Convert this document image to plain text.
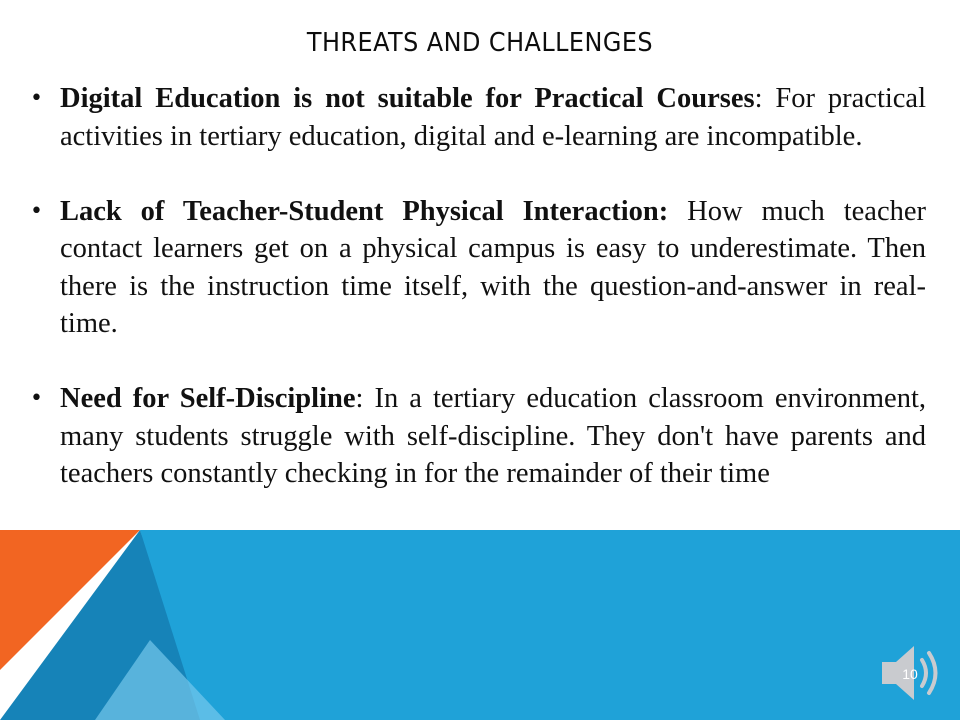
THREATS AND CHALLENGES
• Digital Education is not suitable for Practical Courses: For practical activities in tertiary education, digital and e-learning are incompatible.
• Lack of Teacher-Student Physical Interaction: How much teacher contact learners get on a physical campus is easy to underestimate. Then there is the instruction time itself, with the question-and-answer in real-time.
• Need for Self-Discipline: In a tertiary education classroom environment, many students struggle with self-discipline. They don't have parents and teachers constantly checking in for the remainder of their time
10
